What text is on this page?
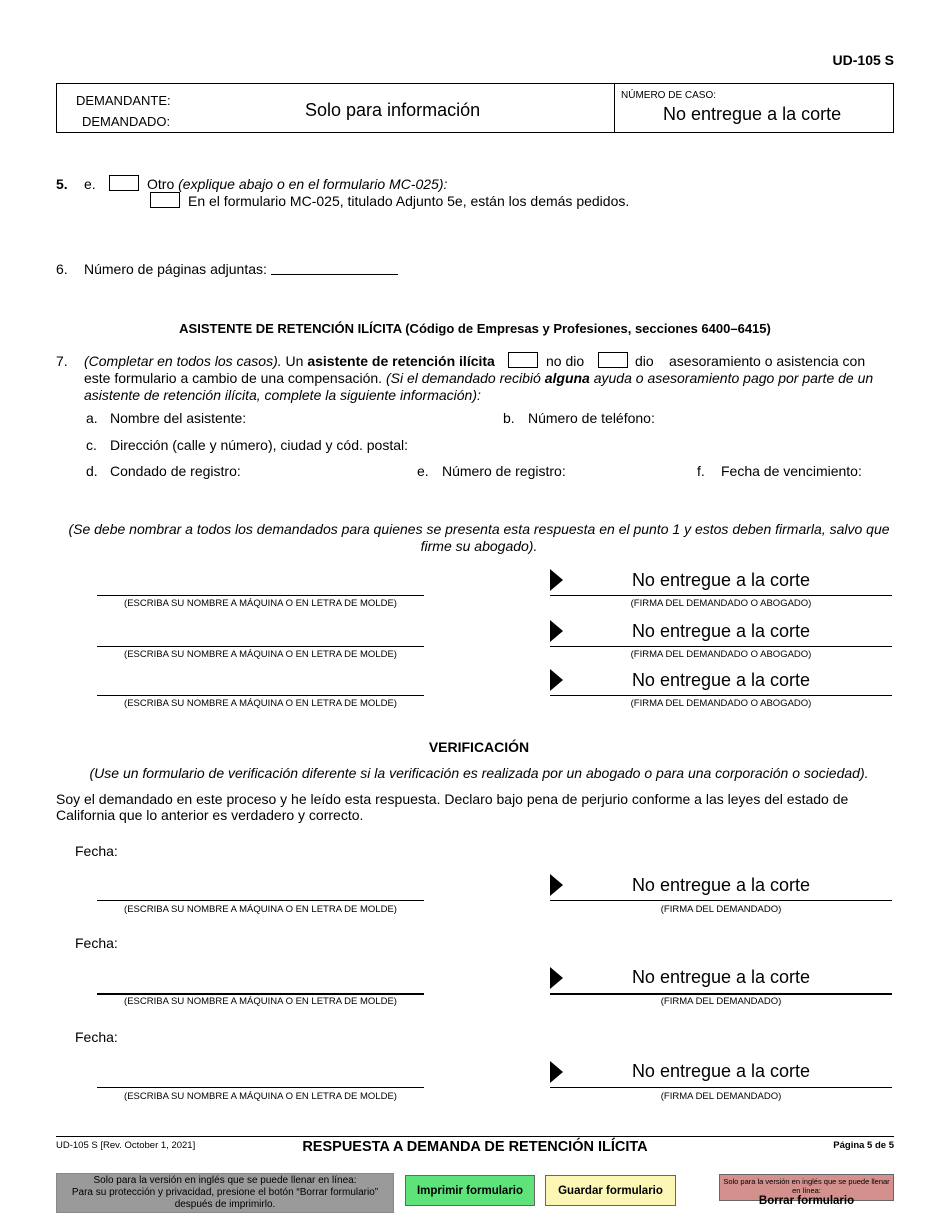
UD-105 S
DEMANDANTE:
DEMANDADO:
Solo para información
NÚMERO DE CASO:
No entregue a la corte
5. e.	Otro (explique abajo o en el formulario MC-025):
En el formulario MC-025, titulado Adjunto 5e, están los demás pedidos.
6. Número de páginas adjuntas:
ASISTENTE DE RETENCIÓN ILÍCITA (Código de Empresas y Profesiones, secciones 6400–6415)
7. (Completar en todos los casos). Un asistente de retención ilícita	no dio	dio asesoramiento o asistencia con
este formulario a cambio de una compensación. (Si el demandado recibió alguna ayuda o asesoramiento pago por parte de un
asistente de retención ilícita, complete la siguiente información):
a. Nombre del asistente:	b. Número de teléfono:
c. Dirección (calle y número), ciudad y cód. postal:
d. Condado de registro:	e. Número de registro:	f. Fecha de vencimiento:
(Se debe nombrar a todos los demandados para quienes se presenta esta respuesta en el punto 1 y estos deben firmarla, salvo que firme su abogado).
(ESCRIBA SU NOMBRE A MÁQUINA O EN LETRA DE MOLDE)
No entregue a la corte
(FIRMA DEL DEMANDADO O ABOGADO)
(ESCRIBA SU NOMBRE A MÁQUINA O EN LETRA DE MOLDE)
No entregue a la corte
(FIRMA DEL DEMANDADO O ABOGADO)
(ESCRIBA SU NOMBRE A MÁQUINA O EN LETRA DE MOLDE)
No entregue a la corte
(FIRMA DEL DEMANDADO O ABOGADO)
VERIFICACIÓN
(Use un formulario de verificación diferente si la verificación es realizada por un abogado o para una corporación o sociedad).
Soy el demandado en este proceso y he leído esta respuesta. Declaro bajo pena de perjurio conforme a las leyes del estado de
California que lo anterior es verdadero y correcto.
Fecha:
(ESCRIBA SU NOMBRE A MÁQUINA O EN LETRA DE MOLDE)
No entregue a la corte
(FIRMA DEL DEMANDADO)
Fecha:
(ESCRIBA SU NOMBRE A MÁQUINA O EN LETRA DE MOLDE)
No entregue a la corte
(FIRMA DEL DEMANDADO)
Fecha:
(ESCRIBA SU NOMBRE A MÁQUINA O EN LETRA DE MOLDE)
No entregue a la corte
(FIRMA DEL DEMANDADO)
UD-105 S [Rev. October 1, 2021]	RESPUESTA A DEMANDA DE RETENCIÓN ILÍCITA	Página 5 de 5
Solo para la versión en inglés que se puede llenar en línea:
Para su protección y privacidad, presione el botón “Borrar formulario”
después de imprimirlo.
Imprimir formulario	Guardar formulario
Solo para la versión en inglés que se puede llenar en línea:
Borrar formulario
